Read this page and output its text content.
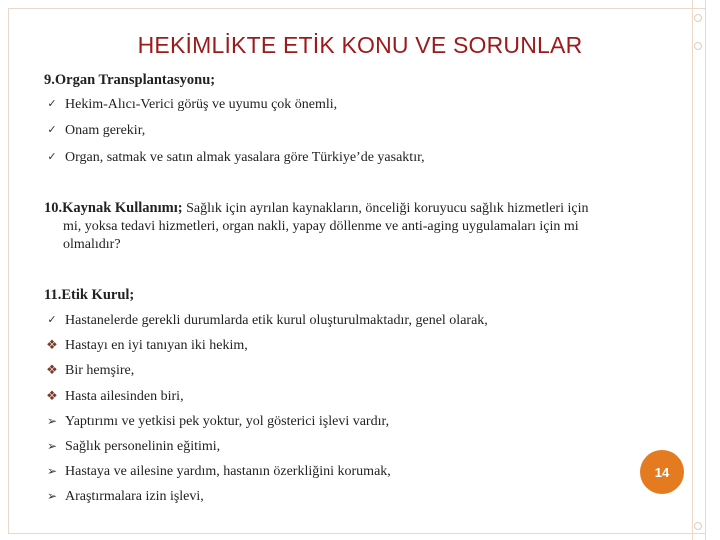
HEKİMLİKTE ETİK KONU VE SORUNLAR
9.Organ Transplantasyonu;
✓ Hekim-Alıcı-Verici görüş ve uyumu çok önemli,
✓ Onam gerekir,
✓ Organ, satmak ve satın almak yasalara göre Türkiye’de yasaktır,
10.Kaynak Kullanımı; Sağlık için ayrılan kaynakların, önceliği koruyucu sağlık hizmetleri için
mi, yoksa tedavi hizmetleri, organ nakli, yapay döllenme ve anti-aging uygulamaları için mi
olmalıdır?
11.Etik Kurul;
✓ Hastanelerde gerekli durumlarda etik kurul oluşturulmaktadır, genel olarak,
❖ Hastayı en iyi tanıyan iki hekim,
❖ Bir hemşire,
❖ Hasta ailesinden biri,
➢ Yaptırımı ve yetkisi pek yoktur, yol gösterici işlevi vardır,
➢ Sağlık personelinin eğitimi,
➢ Hastaya ve ailesine yardım, hastanın özerkliğini korumak,
➢ Araştırmalara izin işlevi,
14
